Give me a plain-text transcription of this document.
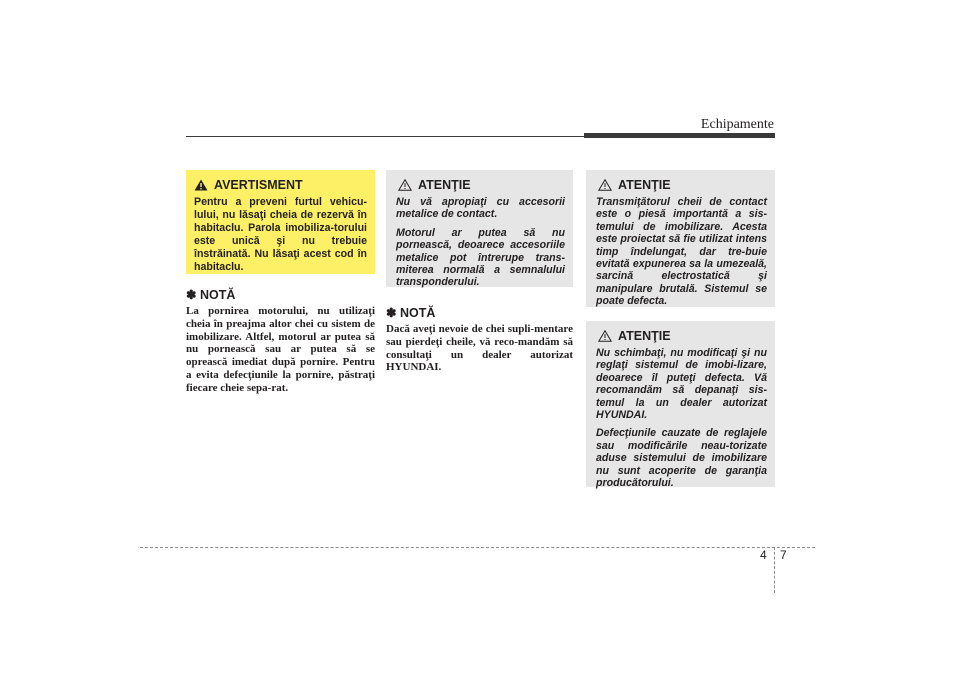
Echipamente
AVERTISMENT
Pentru a preveni furtul vehicu-lului, nu lăsaţi cheia de rezervă în habitaclu. Parola imobiliza-torului este unică şi nu trebuie înstrăinată. Nu lăsaţi acest cod în habitaclu.
✽ NOTĂ
La pornirea motorului, nu utilizaţi cheia în preajma altor chei cu sistem de imobilizare. Altfel, motorul ar putea să nu pornească sau ar putea să se oprească imediat după pornire. Pentru a evita defecţiunile la pornire, păstraţi fiecare cheie sepa-rat.
ATENŢIE

Nu vă apropiaţi cu accesorii metalice de contact.

Motorul ar putea să nu pornească, deoarece accesoriile metalice pot întrerupe trans-miterea normală a semnalului transponderului.

✽ NOTĂ
Dacă aveţi nevoie de chei supli-mentare sau pierdeţi cheile, vă reco-mandăm să consultaţi un dealer autorizat HYUNDAI.
ATENŢIE

Transmiţătorul cheii de contact este o piesă importantă a sis-temului de imobilizare. Acesta este proiectat să fie utilizat intens timp îndelungat, dar tre-buie evitată expunerea sa la umezeală, sarcină electrostatică şi manipulare brutală. Sistemul se poate defecta.

ATENŢIE

Nu schimbaţi, nu modificaţi şi nu reglaţi sistemul de imobi-lizare, deoarece îl puteţi defecta. Vă recomandăm să depanaţi sis-temul la un dealer autorizat HYUNDAI.

Defecţiunile cauzate de reglajele sau modificările neau-torizate aduse sistemului de imobilizare nu sunt acoperite de garanţia producătorului.

4 7
